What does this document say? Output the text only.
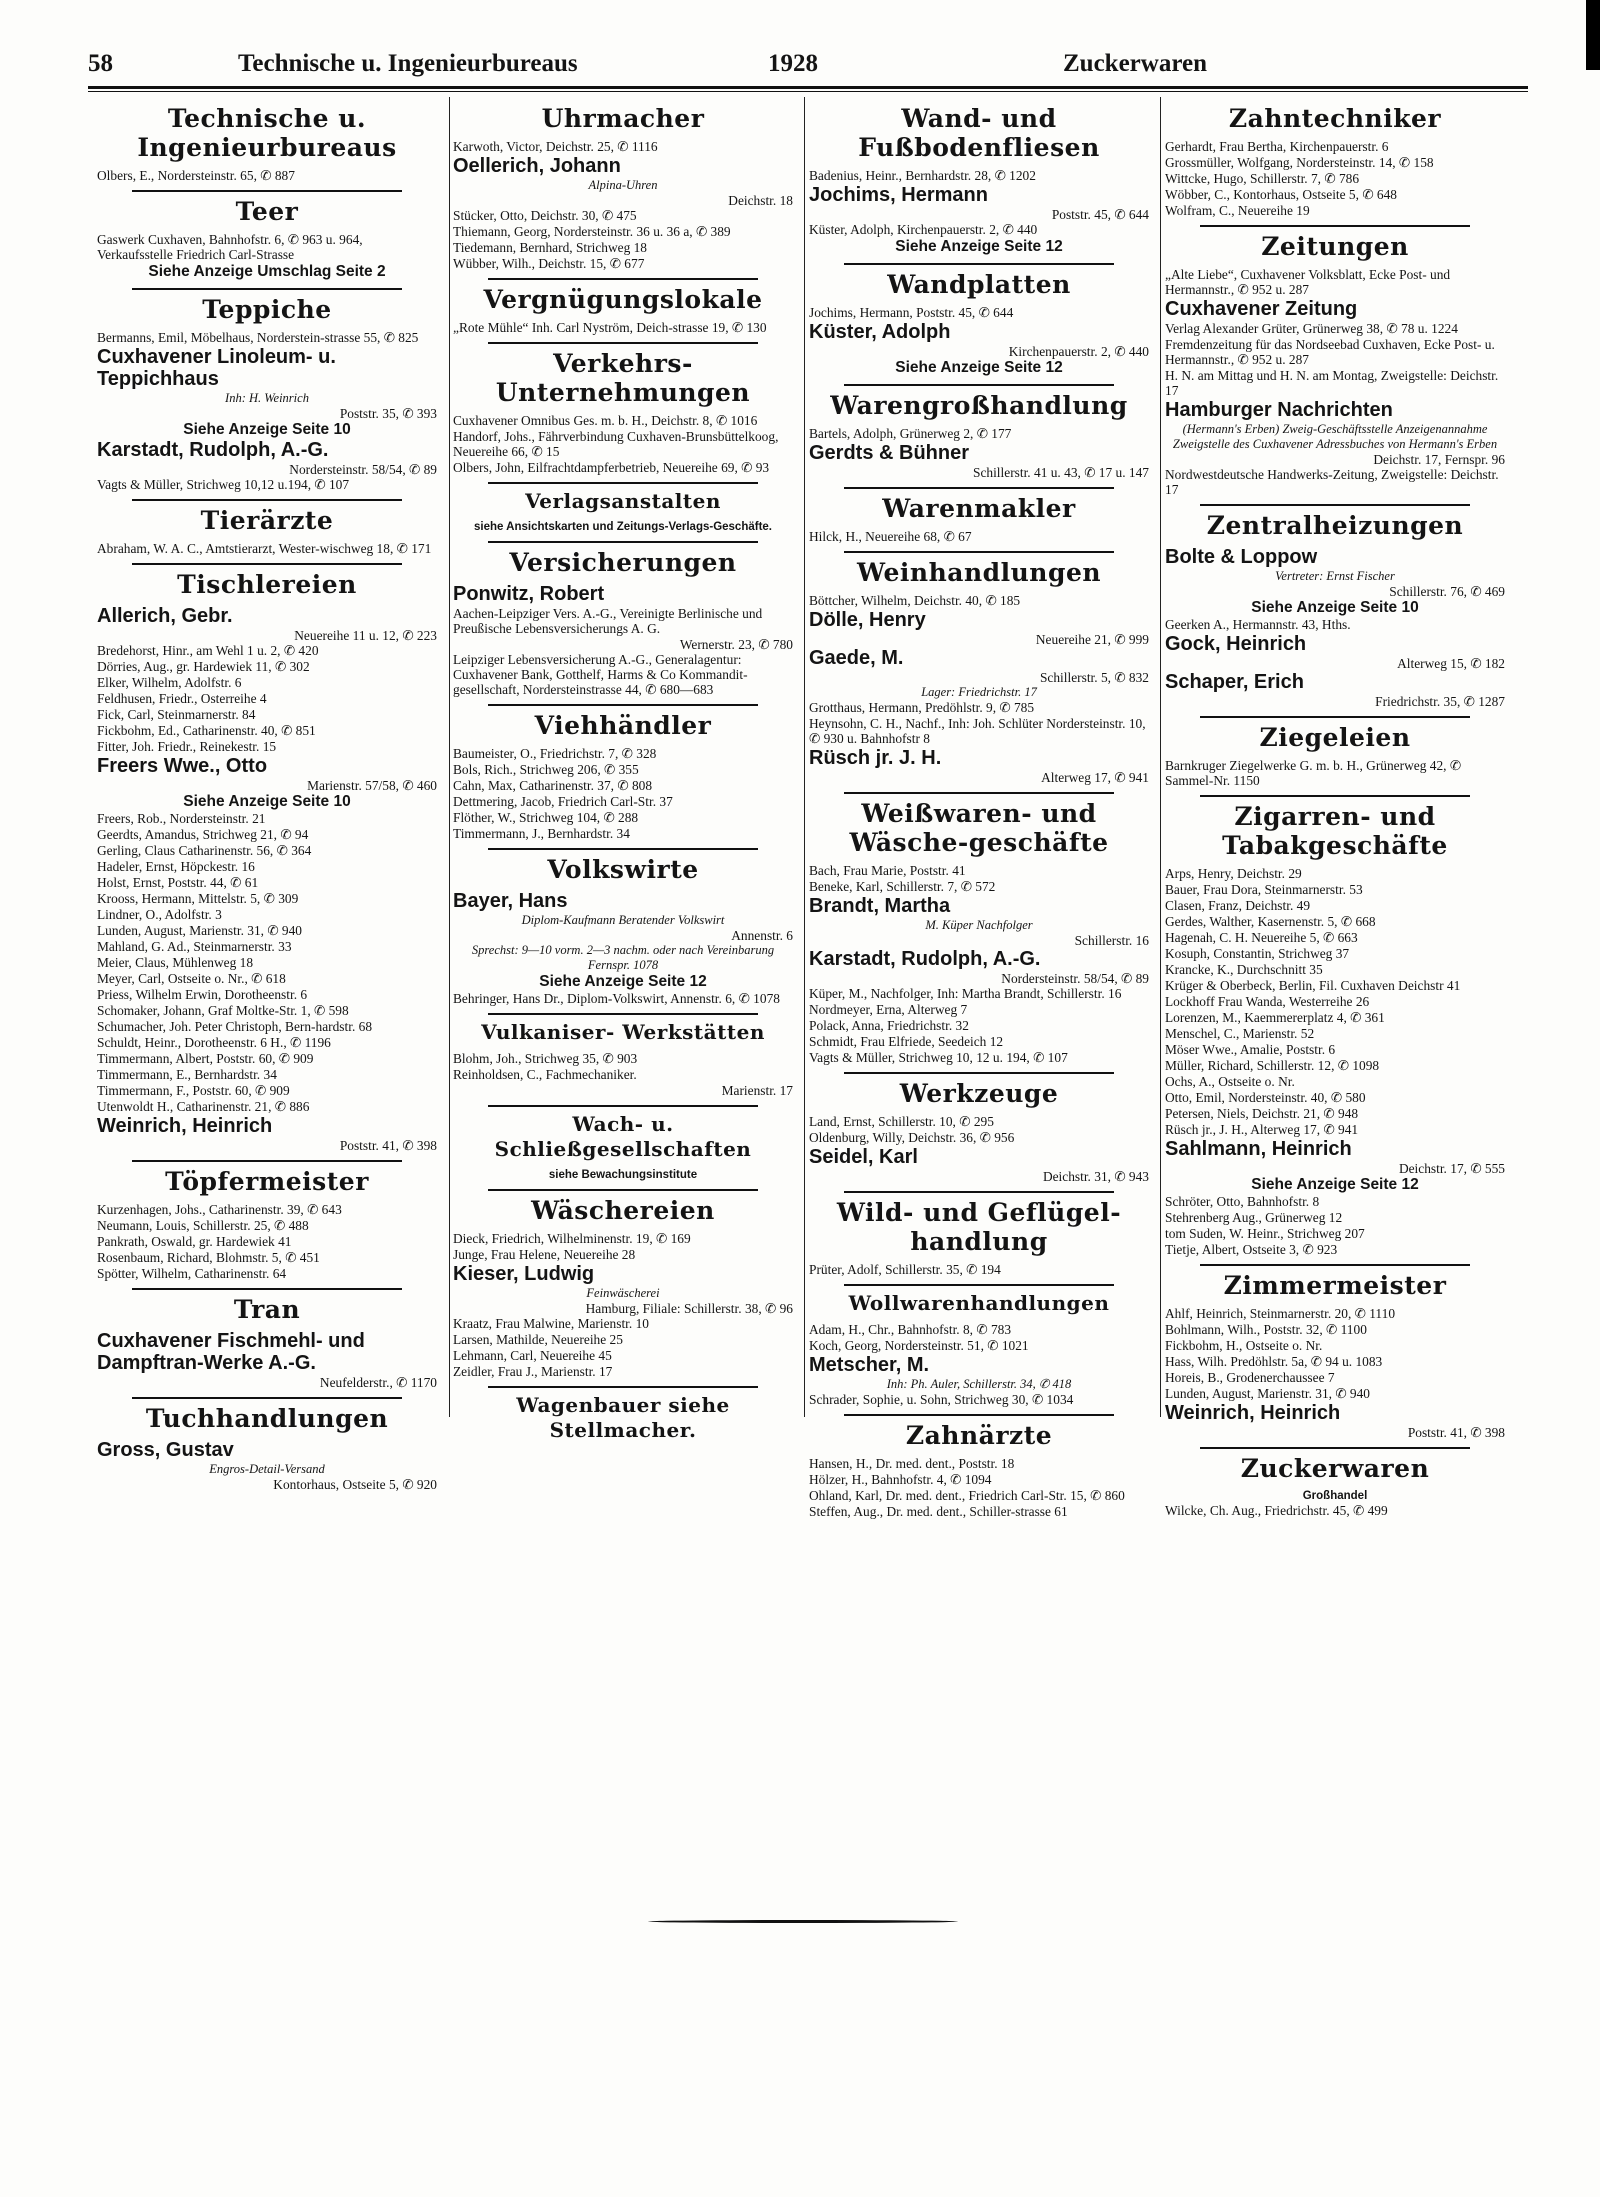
58	Technische u. Ingenieurbureaus	1928	Zuckerwaren
Technische u. Ingenieurbureaus
Olbers, E., Nordersteinstr. 65, ✆ 887
Teer
Gaswerk Cuxhaven, Bahnhofstr. 6, ✆ 963 u. 964, Verkaufsstelle Friedrich Carl-Strasse
Siehe Anzeige Umschlag Seite 2
Teppiche
Bermanns, Emil, Möbelhaus, Norderstein-strasse 55, ✆ 825
Cuxhavener Linoleum- u. Teppichhaus
Inh: H. Weinrich
Poststr. 35, ✆ 393
Siehe Anzeige Seite 10
Karstadt, Rudolph, A.-G.
Nordersteinstr. 58/54, ✆ 89
Vagts & Müller, Strichweg 10,12 u.194, ✆ 107
Tierärzte
Abraham, W. A. C., Amtstierarzt, Wester-wischweg 18, ✆ 171
Tischlereien
Allerich, Gebr.
Neuereihe 11 u. 12, ✆ 223
Bredehorst, Hinr., am Wehl 1 u. 2, ✆ 420
Dörries, Aug., gr. Hardewiek 11, ✆ 302
Elker, Wilhelm, Adolfstr. 6
Feldhusen, Friedr., Osterreihe 4
Fick, Carl, Steinmarnerstr. 84
Fickbohm, Ed., Catharinenstr. 40, ✆ 851
Fitter, Joh. Friedr., Reinekestr. 15
Freers Wwe., Otto
Marienstr. 57/58, ✆ 460
Siehe Anzeige Seite 10
Freers, Rob., Nordersteinstr. 21
Geerdts, Amandus, Strichweg 21, ✆ 94
Gerling, Claus Catharinenstr. 56, ✆ 364
Hadeler, Ernst, Höpckestr. 16
Holst, Ernst, Poststr. 44, ✆ 61
Krooss, Hermann, Mittelstr. 5, ✆ 309
Lindner, O., Adolfstr. 3
Lunden, August, Marienstr. 31, ✆ 940
Mahland, G. Ad., Steinmarnerstr. 33
Meier, Claus, Mühlenweg 18
Meyer, Carl, Ostseite o. Nr., ✆ 618
Priess, Wilhelm Erwin, Dorotheenstr. 6
Schomaker, Johann, Graf Moltke-Str. 1, ✆ 598
Schumacher, Joh. Peter Christoph, Bern-hardstr. 68
Schuldt, Heinr., Dorotheenstr. 6 H., ✆ 1196
Timmermann, Albert, Poststr. 60, ✆ 909
Timmermann, E., Bernhardstr. 34
Timmermann, F., Poststr. 60, ✆ 909
Utenwoldt H., Catharinenstr. 21, ✆ 886
Weinrich, Heinrich
Poststr. 41, ✆ 398
Töpfermeister
Kurzenhagen, Johs., Catharinenstr. 39, ✆ 643
Neumann, Louis, Schillerstr. 25, ✆ 488
Pankrath, Oswald, gr. Hardewiek 41
Rosenbaum, Richard, Blohmstr. 5, ✆ 451
Spötter, Wilhelm, Catharinenstr. 64
Tran
Cuxhavener Fischmehl- und Dampftran-Werke A.-G.
Neufelderstr., ✆ 1170
Tuchhandlungen
Gross, Gustav
Engros-Detail-Versand
Kontorhaus, Ostseite 5, ✆ 920
Uhrmacher
Karwoth, Victor, Deichstr. 25, ✆ 1116
Oellerich, Johann
Alpina-Uhren
Deichstr. 18
Stücker, Otto, Deichstr. 30, ✆ 475
Thiemann, Georg, Nordersteinstr. 36 u. 36 a, ✆ 389
Tiedemann, Bernhard, Strichweg 18
Wübber, Wilh., Deichstr. 15, ✆ 677
Vergnügungslokale
„Rote Mühle“ Inh. Carl Nyström, Deich-strasse 19, ✆ 130
Verkehrs-Unternehmungen
Cuxhavener Omnibus Ges. m. b. H., Deichstr. 8, ✆ 1016
Handorf, Johs., Fährverbindung Cuxhaven-Brunsbüttelkoog, Neuereihe 66, ✆ 15
Olbers, John, Eilfrachtdampferbetrieb, Neuereihe 69, ✆ 93
Verlagsanstalten
siehe Ansichtskarten und Zeitungs-Verlags-Geschäfte.
Versicherungen
Ponwitz, Robert
Aachen-Leipziger Vers. A.-G., Vereinigte Berlinische und Preußische Lebensversicherungs A. G.
Wernerstr. 23, ✆ 780
Leipziger Lebensversicherung A.-G., Generalagentur: Cuxhavener Bank, Gotthelf, Harms & Co Kommandit-gesellschaft, Nordersteinstrasse 44, ✆ 680—683
Viehhändler
Baumeister, O., Friedrichstr. 7, ✆ 328
Bols, Rich., Strichweg 206, ✆ 355
Cahn, Max, Catharinenstr. 37, ✆ 808
Dettmering, Jacob, Friedrich Carl-Str. 37
Flöther, W., Strichweg 104, ✆ 288
Timmermann, J., Bernhardstr. 34
Volkswirte
Bayer, Hans
Diplom-Kaufmann Beratender Volkswirt
Annenstr. 6
Sprechst: 9—10 vorm. 2—3 nachm. oder nach Vereinbarung Fernspr. 1078
Siehe Anzeige Seite 12
Behringer, Hans Dr., Diplom-Volkswirt, Annenstr. 6, ✆ 1078
Vulkaniser- Werkstätten
Blohm, Joh., Strichweg 35, ✆ 903
Reinholdsen, C., Fachmechaniker.
Marienstr. 17
Wach- u. Schließgesellschaften
siehe Bewachungsinstitute
Wäschereien
Dieck, Friedrich, Wilhelminenstr. 19, ✆ 169
Junge, Frau Helene, Neuereihe 28
Kieser, Ludwig
Feinwäscherei
Hamburg, Filiale: Schillerstr. 38, ✆ 96
Kraatz, Frau Malwine, Marienstr. 10
Larsen, Mathilde, Neuereihe 25
Lehmann, Carl, Neuereihe 45
Zeidler, Frau J., Marienstr. 17
Wagenbauer siehe Stellmacher.
Wand- und Fußbodenfliesen
Badenius, Heinr., Bernhardstr. 28, ✆ 1202
Jochims, Hermann
Poststr. 45, ✆ 644
Küster, Adolph, Kirchenpauerstr. 2, ✆ 440
Siehe Anzeige Seite 12
Wandplatten
Jochims, Hermann, Poststr. 45, ✆ 644
Küster, Adolph
Kirchenpauerstr. 2, ✆ 440
Siehe Anzeige Seite 12
Warengroßhandlung
Bartels, Adolph, Grünerweg 2, ✆ 177
Gerdts & Bühner
Schillerstr. 41 u. 43, ✆ 17 u. 147
Warenmakler
Hilck, H., Neuereihe 68, ✆ 67
Weinhandlungen
Böttcher, Wilhelm, Deichstr. 40, ✆ 185
Dölle, Henry
Neuereihe 21, ✆ 999
Gaede, M.
Schillerstr. 5, ✆ 832
Lager: Friedrichstr. 17
Grotthaus, Hermann, Predöhlstr. 9, ✆ 785
Heynsohn, C. H., Nachf., Inh: Joh. Schlüter Nordersteinstr. 10, ✆ 930 u. Bahnhofstr 8
Rüsch jr. J. H.
Alterweg 17, ✆ 941
Weißwaren- und Wäsche-geschäfte
Bach, Frau Marie, Poststr. 41
Beneke, Karl, Schillerstr. 7, ✆ 572
Brandt, Martha
M. Küper Nachfolger
Schillerstr. 16
Karstadt, Rudolph, A.-G.
Nordersteinstr. 58/54, ✆ 89
Küper, M., Nachfolger, Inh: Martha Brandt, Schillerstr. 16
Nordmeyer, Erna, Alterweg 7
Polack, Anna, Friedrichstr. 32
Schmidt, Frau Elfriede, Seedeich 12
Vagts & Müller, Strichweg 10, 12 u. 194, ✆ 107
Werkzeuge
Land, Ernst, Schillerstr. 10, ✆ 295
Oldenburg, Willy, Deichstr. 36, ✆ 956
Seidel, Karl
Deichstr. 31, ✆ 943
Wild- und Geflügel-handlung
Prüter, Adolf, Schillerstr. 35, ✆ 194
Wollwarenhandlungen
Adam, H., Chr., Bahnhofstr. 8, ✆ 783
Koch, Georg, Nordersteinstr. 51, ✆ 1021
Metscher, M.
Inh: Ph. Auler, Schillerstr. 34, ✆ 418
Schrader, Sophie, u. Sohn, Strichweg 30, ✆ 1034
Zahnärzte
Hansen, H., Dr. med. dent., Poststr. 18
Hölzer, H., Bahnhofstr. 4, ✆ 1094
Ohland, Karl, Dr. med. dent., Friedrich Carl-Str. 15, ✆ 860
Steffen, Aug., Dr. med. dent., Schiller-strasse 61
Zahntechniker
Gerhardt, Frau Bertha, Kirchenpauerstr. 6
Grossmüller, Wolfgang, Nordersteinstr. 14, ✆ 158
Wittcke, Hugo, Schillerstr. 7, ✆ 786
Wöbber, C., Kontorhaus, Ostseite 5, ✆ 648
Wolfram, C., Neuereihe 19
Zeitungen
„Alte Liebe“, Cuxhavener Volksblatt, Ecke Post- und Hermannstr., ✆ 952 u. 287
Cuxhavener Zeitung
Verlag Alexander Grüter, Grünerweg 38, ✆ 78 u. 1224
Fremdenzeitung für das Nordseebad Cuxhaven, Ecke Post- u. Hermannstr., ✆ 952 u. 287
H. N. am Mittag und H. N. am Montag, Zweigstelle: Deichstr. 17
Hamburger Nachrichten
(Hermann's Erben) Zweig-Geschäftsstelle Anzeigenannahme
Zweigstelle des Cuxhavener Adressbuches von Hermann's Erben
Deichstr. 17, Fernspr. 96
Nordwestdeutsche Handwerks-Zeitung, Zweigstelle: Deichstr. 17
Zentralheizungen
Bolte & Loppow
Vertreter: Ernst Fischer
Schillerstr. 76, ✆ 469
Siehe Anzeige Seite 10
Geerken A., Hermannstr. 43, Hths.
Gock, Heinrich
Alterweg 15, ✆ 182
Schaper, Erich
Friedrichstr. 35, ✆ 1287
Ziegeleien
Barnkruger Ziegelwerke G. m. b. H., Grünerweg 42, ✆ Sammel-Nr. 1150
Zigarren- und Tabakgeschäfte
Arps, Henry, Deichstr. 29
Bauer, Frau Dora, Steinmarnerstr. 53
Clasen, Franz, Deichstr. 49
Gerdes, Walther, Kasernenstr. 5, ✆ 668
Hagenah, C. H. Neuereihe 5, ✆ 663
Kosuph, Constantin, Strichweg 37
Krancke, K., Durchschnitt 35
Krüger & Oberbeck, Berlin, Fil. Cuxhaven Deichstr 41
Lockhoff Frau Wanda, Westerreihe 26
Lorenzen, M., Kaemmererplatz 4, ✆ 361
Menschel, C., Marienstr. 52
Möser Wwe., Amalie, Poststr. 6
Müller, Richard, Schillerstr. 12, ✆ 1098
Ochs, A., Ostseite o. Nr.
Otto, Emil, Nordersteinstr. 40, ✆ 580
Petersen, Niels, Deichstr. 21, ✆ 948
Rüsch jr., J. H., Alterweg 17, ✆ 941
Sahlmann, Heinrich
Deichstr. 17, ✆ 555
Siehe Anzeige Seite 12
Schröter, Otto, Bahnhofstr. 8
Stehrenberg Aug., Grünerweg 12
tom Suden, W. Heinr., Strichweg 207
Tietje, Albert, Ostseite 3, ✆ 923
Zimmermeister
Ahlf, Heinrich, Steinmarnerstr. 20, ✆ 1110
Bohlmann, Wilh., Poststr. 32, ✆ 1100
Fickbohm, H., Ostseite o. Nr.
Hass, Wilh. Predöhlstr. 5a, ✆ 94 u. 1083
Horeis, B., Grodenerchaussee 7
Lunden, August, Marienstr. 31, ✆ 940
Weinrich, Heinrich
Poststr. 41, ✆ 398
Zuckerwaren
Großhandel
Wilcke, Ch. Aug., Friedrichstr. 45, ✆ 499
